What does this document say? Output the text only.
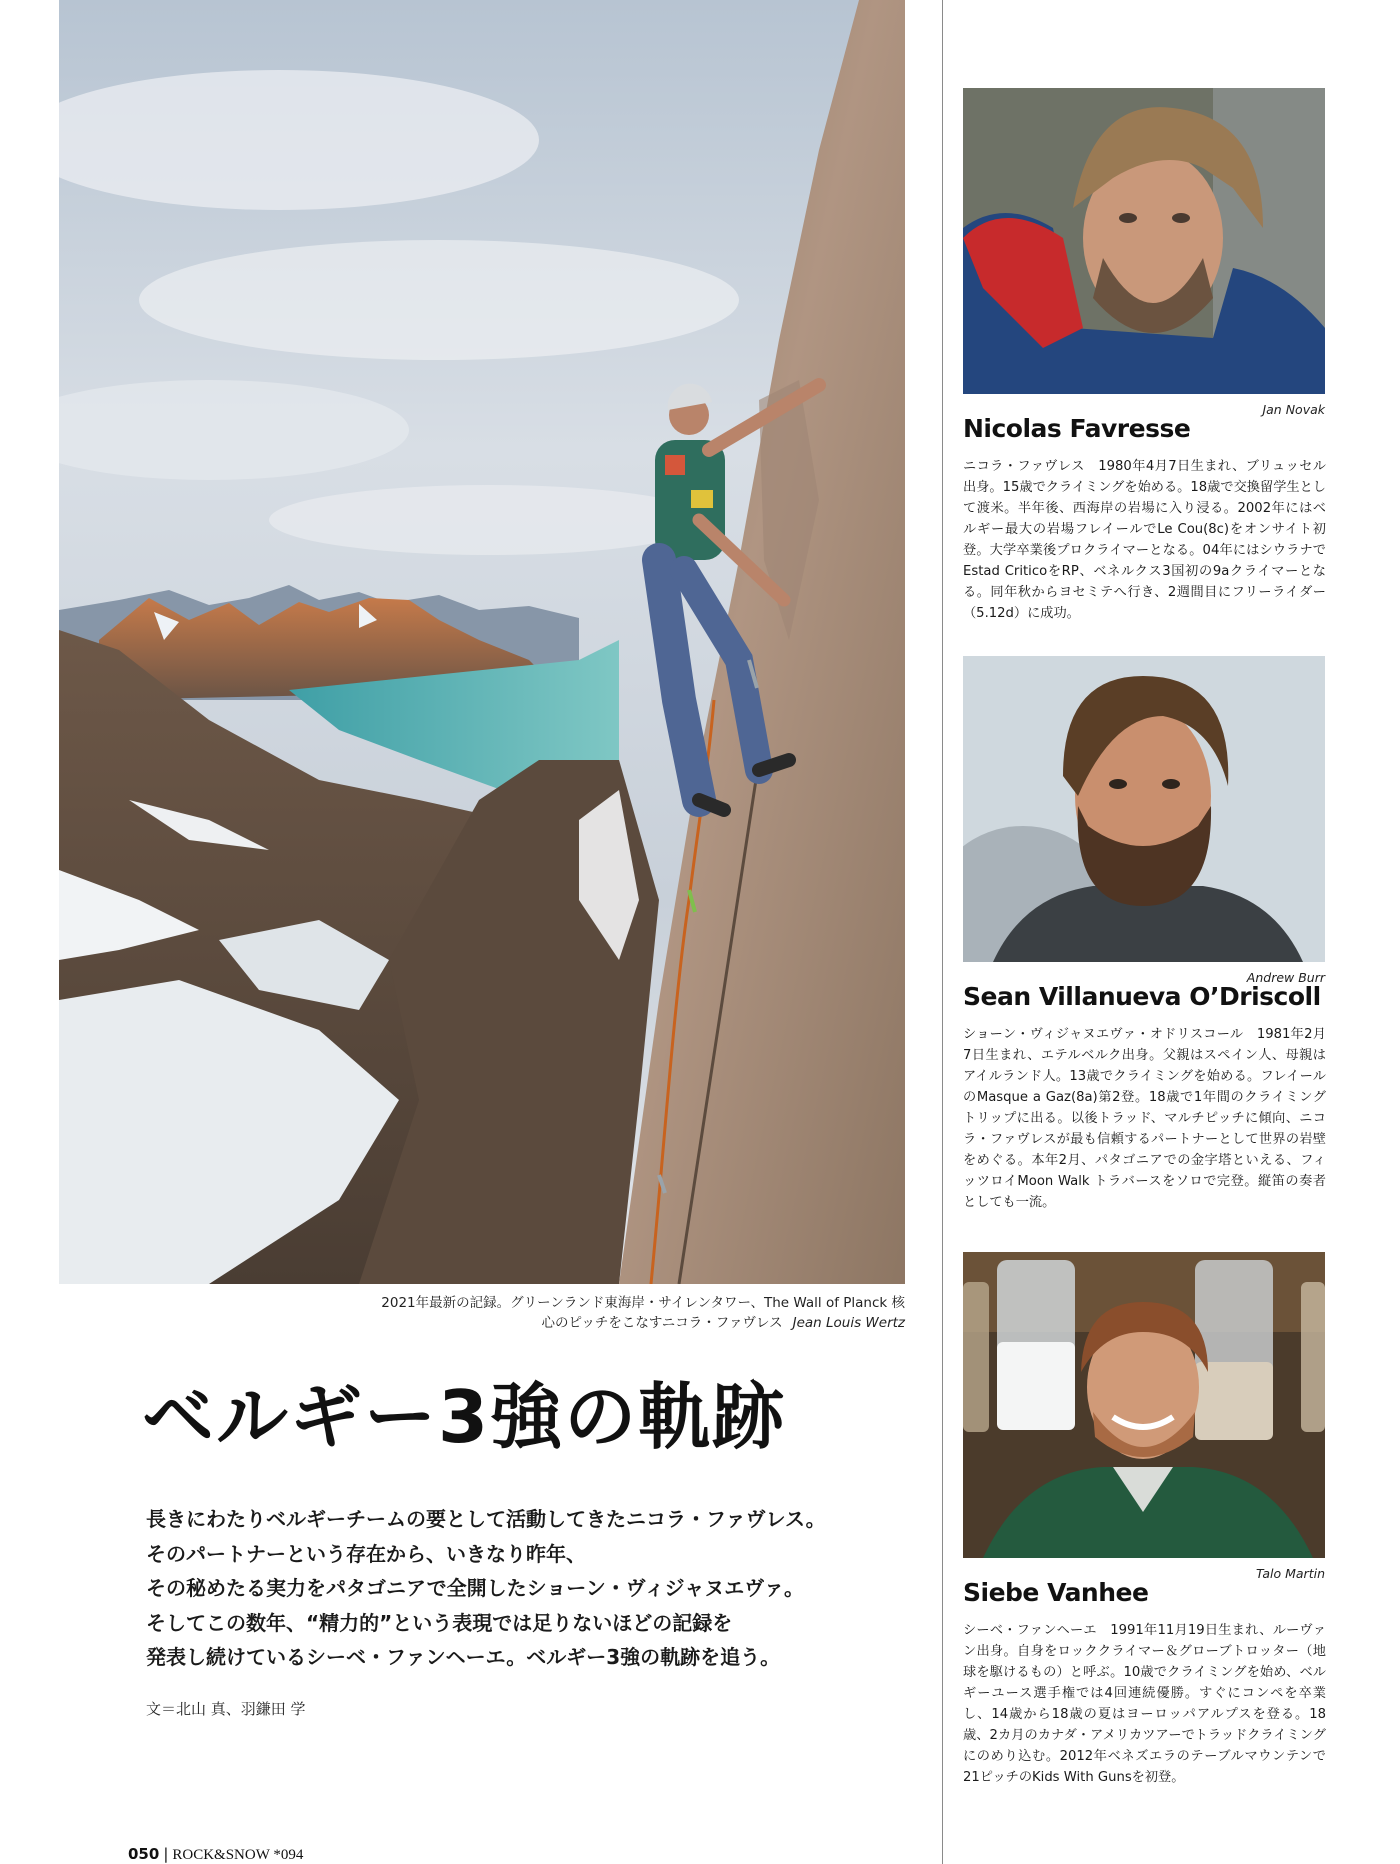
2021年最新の記録。グリーンランド東海岸・サイレンタワー、The Wall of Planck 核心のピッチをこなすニコラ・ファヴレス Jean Louis Wertz
ベルギー3強の軌跡

長きにわたりベルギーチームの要として活動してきたニコラ・ファヴレス。

そのパートナーという存在から、いきなり昨年、

その秘めたる実力をパタゴニアで全開したショーン・ヴィジャヌエヴァ。

そしてこの数年、“精力的”という表現では足りないほどの記録を

発表し続けているシーベ・ファンヘーエ。ベルギー3強の軌跡を追う。

文＝北山 真、羽鎌田 学
050 | ROCK&SNOW *094
Jan Novak
Nicolas Favresse
ニコラ・ファヴレス　1980年4月7日生まれ、ブリュッセル出身。15歳でクライミングを始める。18歳で交換留学生として渡米。半年後、西海岸の岩場に入り浸る。2002年にはベルギー最大の岩場フレイールでLe Cou(8c)をオンサイト初登。大学卒業後プロクライマーとなる。04年にはシウラナでEstad CriticoをRP、ベネルクス3国初の9aクライマーとなる。同年秋からヨセミテへ行き、2週間目にフリーライダー（5.12d）に成功。
Andrew Burr
Sean Villanueva O’Driscoll
ショーン・ヴィジャヌエヴァ・オドリスコール　1981年2月7日生まれ、エテルベルク出身。父親はスペイン人、母親はアイルランド人。13歳でクライミングを始める。フレイールのMasque a Gaz(8a)第2登。18歳で1年間のクライミングトリップに出る。以後トラッド、マルチピッチに傾向、ニコラ・ファヴレスが最も信頼するパートナーとして世界の岩壁をめぐる。本年2月、パタゴニアでの金字塔といえる、フィッツロイMoon Walk トラバースをソロで完登。縦笛の奏者としても一流。
Talo Martin
Siebe Vanhee
シーベ・ファンヘーエ　1991年11月19日生まれ、ルーヴァン出身。自身をロッククライマー＆グローブトロッター（地球を駆けるもの）と呼ぶ。10歳でクライミングを始め、ベルギーユース選手権では4回連続優勝。すぐにコンペを卒業し、14歳から18歳の夏はヨーロッパアルプスを登る。18歳、2カ月のカナダ・アメリカツアーでトラッドクライミングにのめり込む。2012年ベネズエラのテーブルマウンテンで21ピッチのKids With Gunsを初登。
